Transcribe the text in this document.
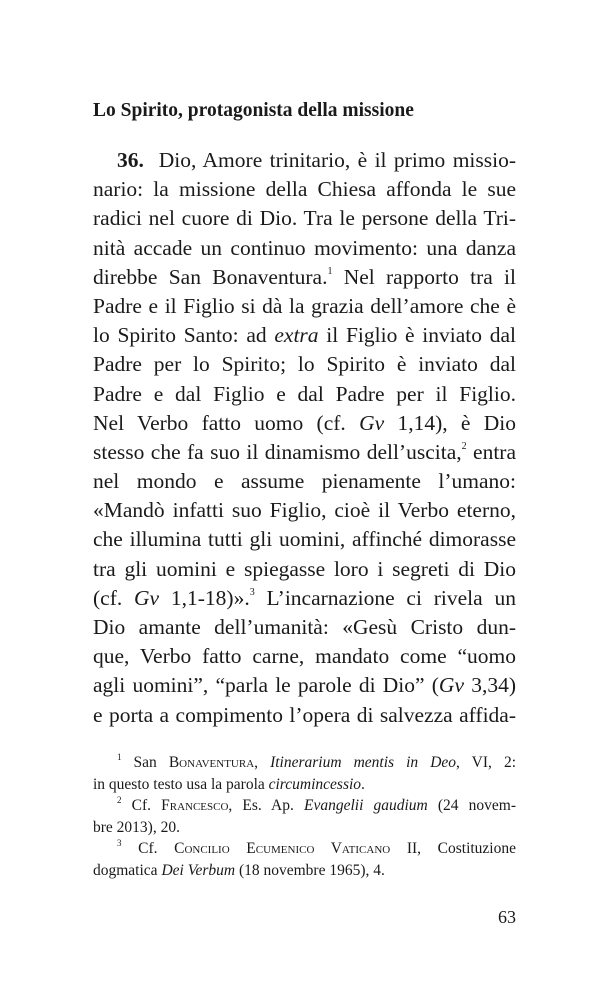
Lo Spirito, protagonista della missione
36. Dio, Amore trinitario, è il primo missio-
nario: la missione della Chiesa affonda le sue
radici nel cuore di Dio. Tra le persone della Tri-
nità accade un continuo movimento: una danza
direbbe San Bonaventura.$^1$ Nel rapporto tra il
Padre e il Figlio si dà la grazia dell’amore che è
lo Spirito Santo: ad extra il Figlio è inviato dal
Padre per lo Spirito; lo Spirito è inviato dal
Padre e dal Figlio e dal Padre per il Figlio.
Nel Verbo fatto uomo (cf. Gv 1,14), è Dio
stesso che fa suo il dinamismo dell’uscita,$^2$ entra
nel mondo e assume pienamente l’umano:
«Mandò infatti suo Figlio, cioè il Verbo eterno,
che illumina tutti gli uomini, affinché dimorasse
tra gli uomini e spiegasse loro i segreti di Dio
(cf. Gv 1,1-18)».$^3$ L’incarnazione ci rivela un
Dio amante dell’umanità: «Gesù Cristo dun-
que, Verbo fatto carne, mandato come “uomo
agli uomini”, “parla le parole di Dio” (Gv 3,34)
e porta a compimento l’opera di salvezza affida-
$^1$ San Bonaventura, Itinerarium mentis in Deo, VI, 2:
in questo testo usa la parola circumincessio.
$^2$ Cf. Francesco, Es. Ap. Evangelii gaudium (24 novem-
bre 2013), 20.
$^3$ Cf. Concilio Ecumenico Vaticano II, Costituzione
dogmatica Dei Verbum (18 novembre 1965), 4.
63
